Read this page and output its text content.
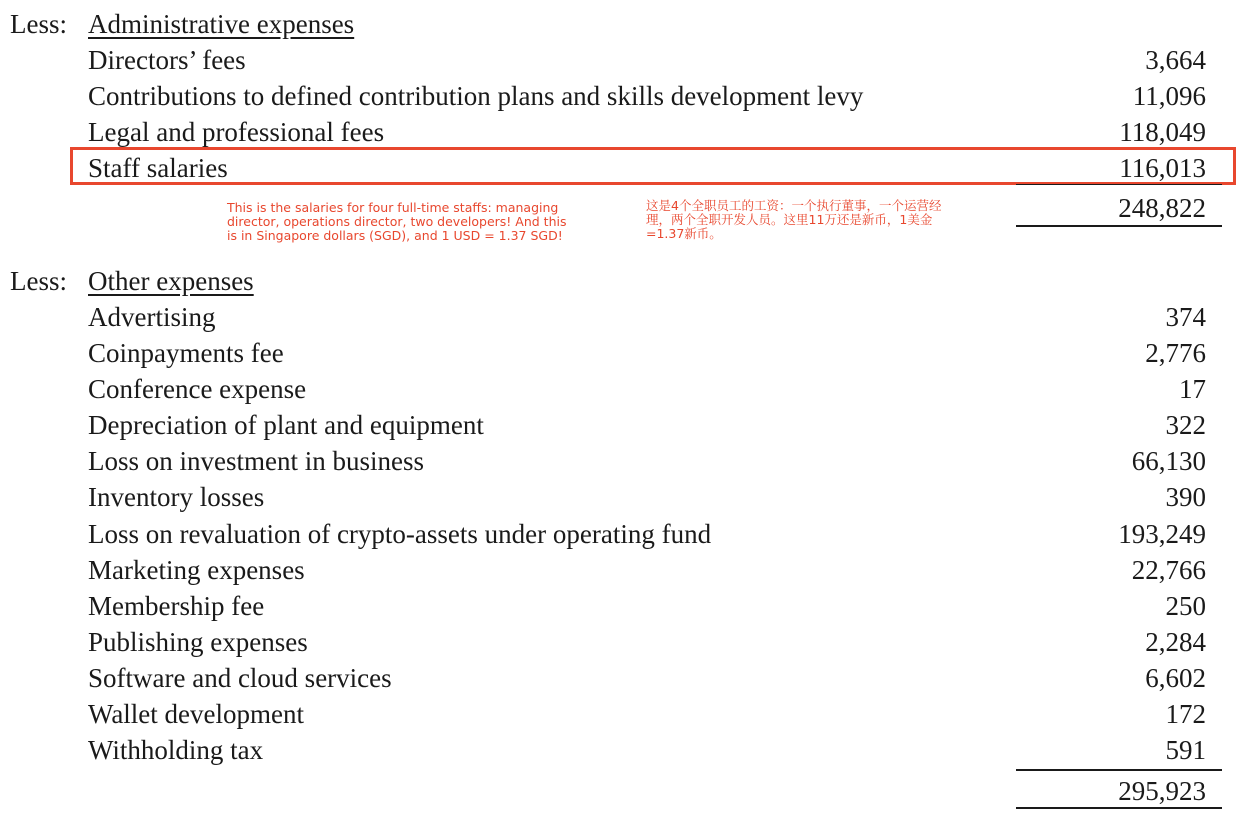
Less: Administrative expenses
Directors’ fees	3,664
Contributions to defined contribution plans and skills development levy	11,096
Legal and professional fees	118,049
Staff salaries	116,013
248,822
This is the salaries for four full-time staffs: managing
director, operations director, two developers! And this
is in Singapore dollars (SGD), and 1 USD = 1.37 SGD!
这是4个全职员工的工资：一个执行董事，一个运营经
理，两个全职开发人员。这里11万还是新币，1美金
=1.37新币。
Less: Other expenses
Advertising	374
Coinpayments fee	2,776
Conference expense	17
Depreciation of plant and equipment	322
Loss on investment in business	66,130
Inventory losses	390
Loss on revaluation of crypto-assets under operating fund	193,249
Marketing expenses	22,766
Membership fee	250
Publishing expenses	2,284
Software and cloud services	6,602
Wallet development	172
Withholding tax	591
295,923
